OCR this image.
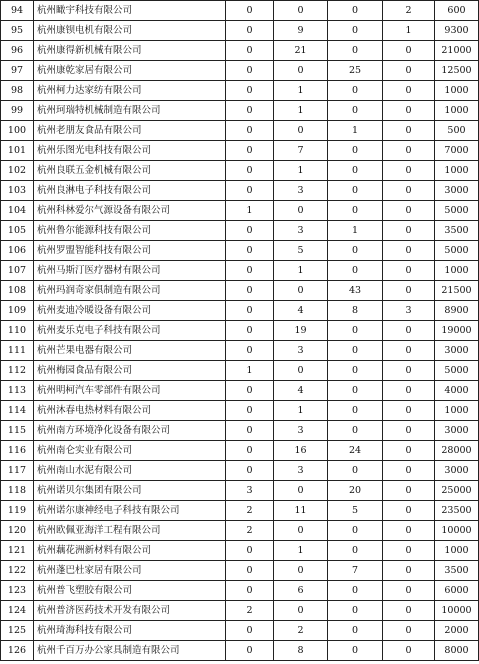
94	杭州瞰宇科技有限公司	0	0	0	2	600
95	杭州康钡电机有限公司	0	9	0	1	9300
96	杭州康得新机械有限公司	0	21	0	0	21000
97	杭州康乾家居有限公司	0	0	25	0	12500
98	杭州柯力达家纺有限公司	0	1	0	0	1000
99	杭州珂瑞特机械制造有限公司	0	1	0	0	1000
100	杭州老朋友食品有限公司	0	0	1	0	500
101	杭州乐图光电科技有限公司	0	7	0	0	7000
102	杭州良联五金机械有限公司	0	1	0	0	1000
103	杭州良淋电子科技有限公司	0	3	0	0	3000
104	杭州科林爱尔气源设备有限公司	1	0	0	0	5000
105	杭州鲁尔能源科技有限公司	0	3	1	0	3500
106	杭州罗盟智能科技有限公司	0	5	0	0	5000
107	杭州马斯汀医疗器材有限公司	0	1	0	0	1000
108	杭州玛润奇家俱制造有限公司	0	0	43	0	21500
109	杭州麦迪冷暖设备有限公司	0	4	8	3	8900
110	杭州麦乐克电子科技有限公司	0	19	0	0	19000
111	杭州芒果电器有限公司	0	3	0	0	3000
112	杭州梅园食品有限公司	1	0	0	0	5000
113	杭州明柯汽车零部件有限公司	0	4	0	0	4000
114	杭州沐春电热材料有限公司	0	1	0	0	1000
115	杭州南方环境净化设备有限公司	0	3	0	0	3000
116	杭州南仑实业有限公司	0	16	24	0	28000
117	杭州南山水泥有限公司	0	3	0	0	3000
118	杭州诺贝尔集团有限公司	3	0	20	0	25000
119	杭州诺尔康神经电子科技有限公司	2	11	5	0	23500
120	杭州欧佩亚海洋工程有限公司	2	0	0	0	10000
121	杭州藕花洲新材料有限公司	0	1	0	0	1000
122	杭州蓬巴杜家居有限公司	0	0	7	0	3500
123	杭州普飞塑胶有限公司	0	6	0	0	6000
124	杭州普济医药技术开发有限公司	2	0	0	0	10000
125	杭州琦海科技有限公司	0	2	0	0	2000
126	杭州千百万办公家具制造有限公司	0	8	0	0	8000
